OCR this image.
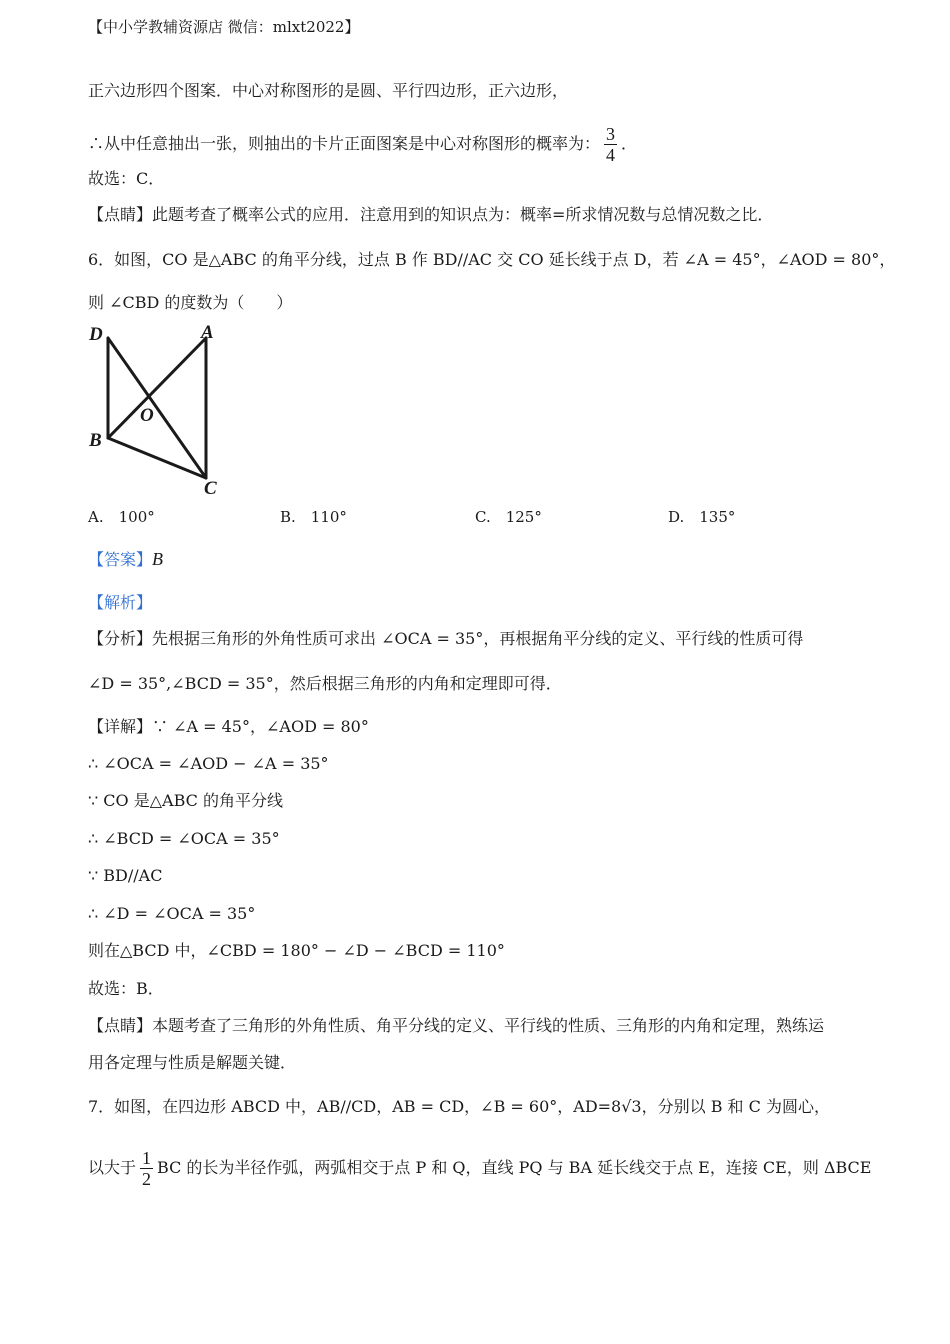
【中小学教辅资源店 微信：mlxt2022】
正六边形四个图案．中心对称图形的是圆、平行四边形，正六边形，
∴从中任意抽出一张，则抽出的卡片正面图案是中心对称图形的概率为： $\frac{3}{4}$ ．
故选：C．
【点睛】此题考查了概率公式的应用．注意用到的知识点为：概率=所求情况数与总情况数之比．
6．如图，CO 是△ABC 的角平分线，过点 B 作 BD//AC 交 CO 延长线于点 D，若 ∠A = 45°，∠AOD = 80°，
则 ∠CBD 的度数为（　　）
D	A
O
B
C
A.　100°	B.　110°	C.　125°	D.　135°
【答案】B
【解析】
【分析】先根据三角形的外角性质可求出 ∠OCA = 35°，再根据角平分线的定义、平行线的性质可得
∠D = 35°,∠BCD = 35°，然后根据三角形的内角和定理即可得．
【详解】∵ ∠A = 45°，∠AOD = 80°
∴ ∠OCA = ∠AOD − ∠A = 35°
∵ CO 是△ABC 的角平分线
∴ ∠BCD = ∠OCA = 35°
∵ BD//AC
∴ ∠D = ∠OCA = 35°
则在△BCD 中，∠CBD = 180° − ∠D − ∠BCD = 110°
故选：B．
【点睛】本题考查了三角形的外角性质、角平分线的定义、平行线的性质、三角形的内角和定理，熟练运
用各定理与性质是解题关键．
7．如图，在四边形 ABCD 中，AB//CD，AB = CD，∠B = 60°，AD=8√3，分别以 B 和 C 为圆心，
以大于 $\frac{1}{2}$ BC 的长为半径作弧，两弧相交于点 P 和 Q，直线 PQ 与 BA 延长线交于点 E，连接 CE，则 ΔBCE
